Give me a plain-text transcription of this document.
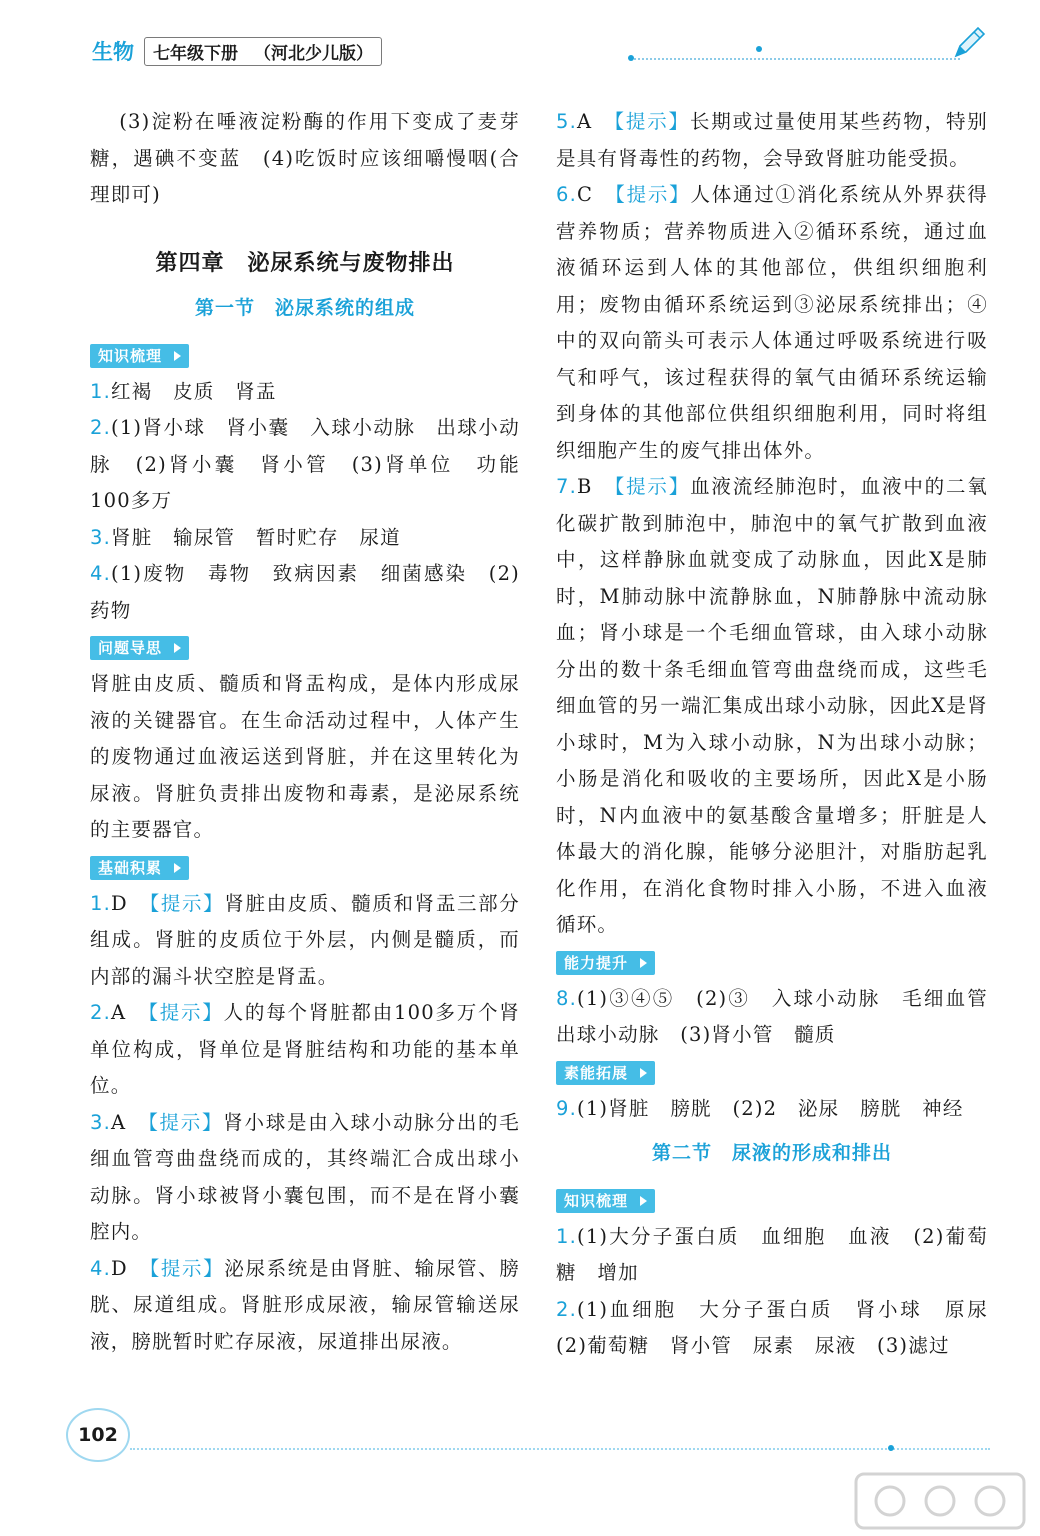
生物 七年级下册 （河北少儿版）

(3)淀粉在唾液淀粉酶的作用下变成了麦芽糖，遇碘不变蓝　(4)吃饭时应该细嚼慢咽(合理即可)

第四章　泌尿系统与废物排出
第一节　泌尿系统的组成
知识梳理

1.红褐　皮质　肾盂

2.(1)肾小球　肾小囊　入球小动脉　出球小动脉　(2)肾小囊　肾小管　(3)肾单位　功能　100多万

3.肾脏　输尿管　暂时贮存　尿道

4.(1)废物　毒物　致病因素　细菌感染　(2)药物

问题导思

肾脏由皮质、髓质和肾盂构成，是体内形成尿液的关键器官。在生命活动过程中，人体产生的废物通过血液运送到肾脏，并在这里转化为尿液。肾脏负责排出废物和毒素，是泌尿系统的主要器官。

基础积累

1.D　 【提示】肾脏由皮质、髓质和肾盂三部分组成。肾脏的皮质位于外层，内侧是髓质，而内部的漏斗状空腔是肾盂。

2.A　 【提示】人的每个肾脏都由100多万个肾单位构成，肾单位是肾脏结构和功能的基本单位。

3.A　 【提示】肾小球是由入球小动脉分出的毛细血管弯曲盘绕而成的，其终端汇合成出球小动脉。肾小球被肾小囊包围，而不是在肾小囊腔内。

4.D　 【提示】泌尿系统是由肾脏、输尿管、膀胱、尿道组成。肾脏形成尿液，输尿管输送尿液，膀胱暂时贮存尿液，尿道排出尿液。

5.A　 【提示】长期或过量使用某些药物，特别是具有肾毒性的药物，会导致肾脏功能受损。

6.C　 【提示】人体通过①消化系统从外界获得营养物质；营养物质进入②循环系统，通过血液循环运到人体的其他部位，供组织细胞利用；废物由循环系统运到③泌尿系统排出；④中的双向箭头可表示人体通过呼吸系统进行吸气和呼气，该过程获得的氧气由循环系统运输到身体的其他部位供组织细胞利用，同时将组织细胞产生的废气排出体外。

7.B　 【提示】血液流经肺泡时，血液中的二氧化碳扩散到肺泡中，肺泡中的氧气扩散到血液中，这样静脉血就变成了动脉血，因此X是肺时，M肺动脉中流静脉血，N肺静脉中流动脉血；肾小球是一个毛细血管球，由入球小动脉分出的数十条毛细血管弯曲盘绕而成，这些毛细血管的另一端汇集成出球小动脉，因此X是肾小球时，M为入球小动脉，N为出球小动脉；小肠是消化和吸收的主要场所，因此X是小肠时，N内血液中的氨基酸含量增多；肝脏是人体最大的消化腺，能够分泌胆汁，对脂肪起乳化作用，在消化食物时排入小肠，不进入血液循环。

能力提升

8.(1)③④⑤　(2)③　入球小动脉　毛细血管　出球小动脉　(3)肾小管　髓质

素能拓展

9.(1)肾脏　膀胱　(2)2　泌尿　膀胱　神经

第二节　尿液的形成和排出
知识梳理

1.(1)大分子蛋白质　血细胞　血液　(2)葡萄糖　增加

2.(1)血细胞　大分子蛋白质　肾小球　原尿　(2)葡萄糖　肾小管　尿素　尿液　(3)滤过

102
